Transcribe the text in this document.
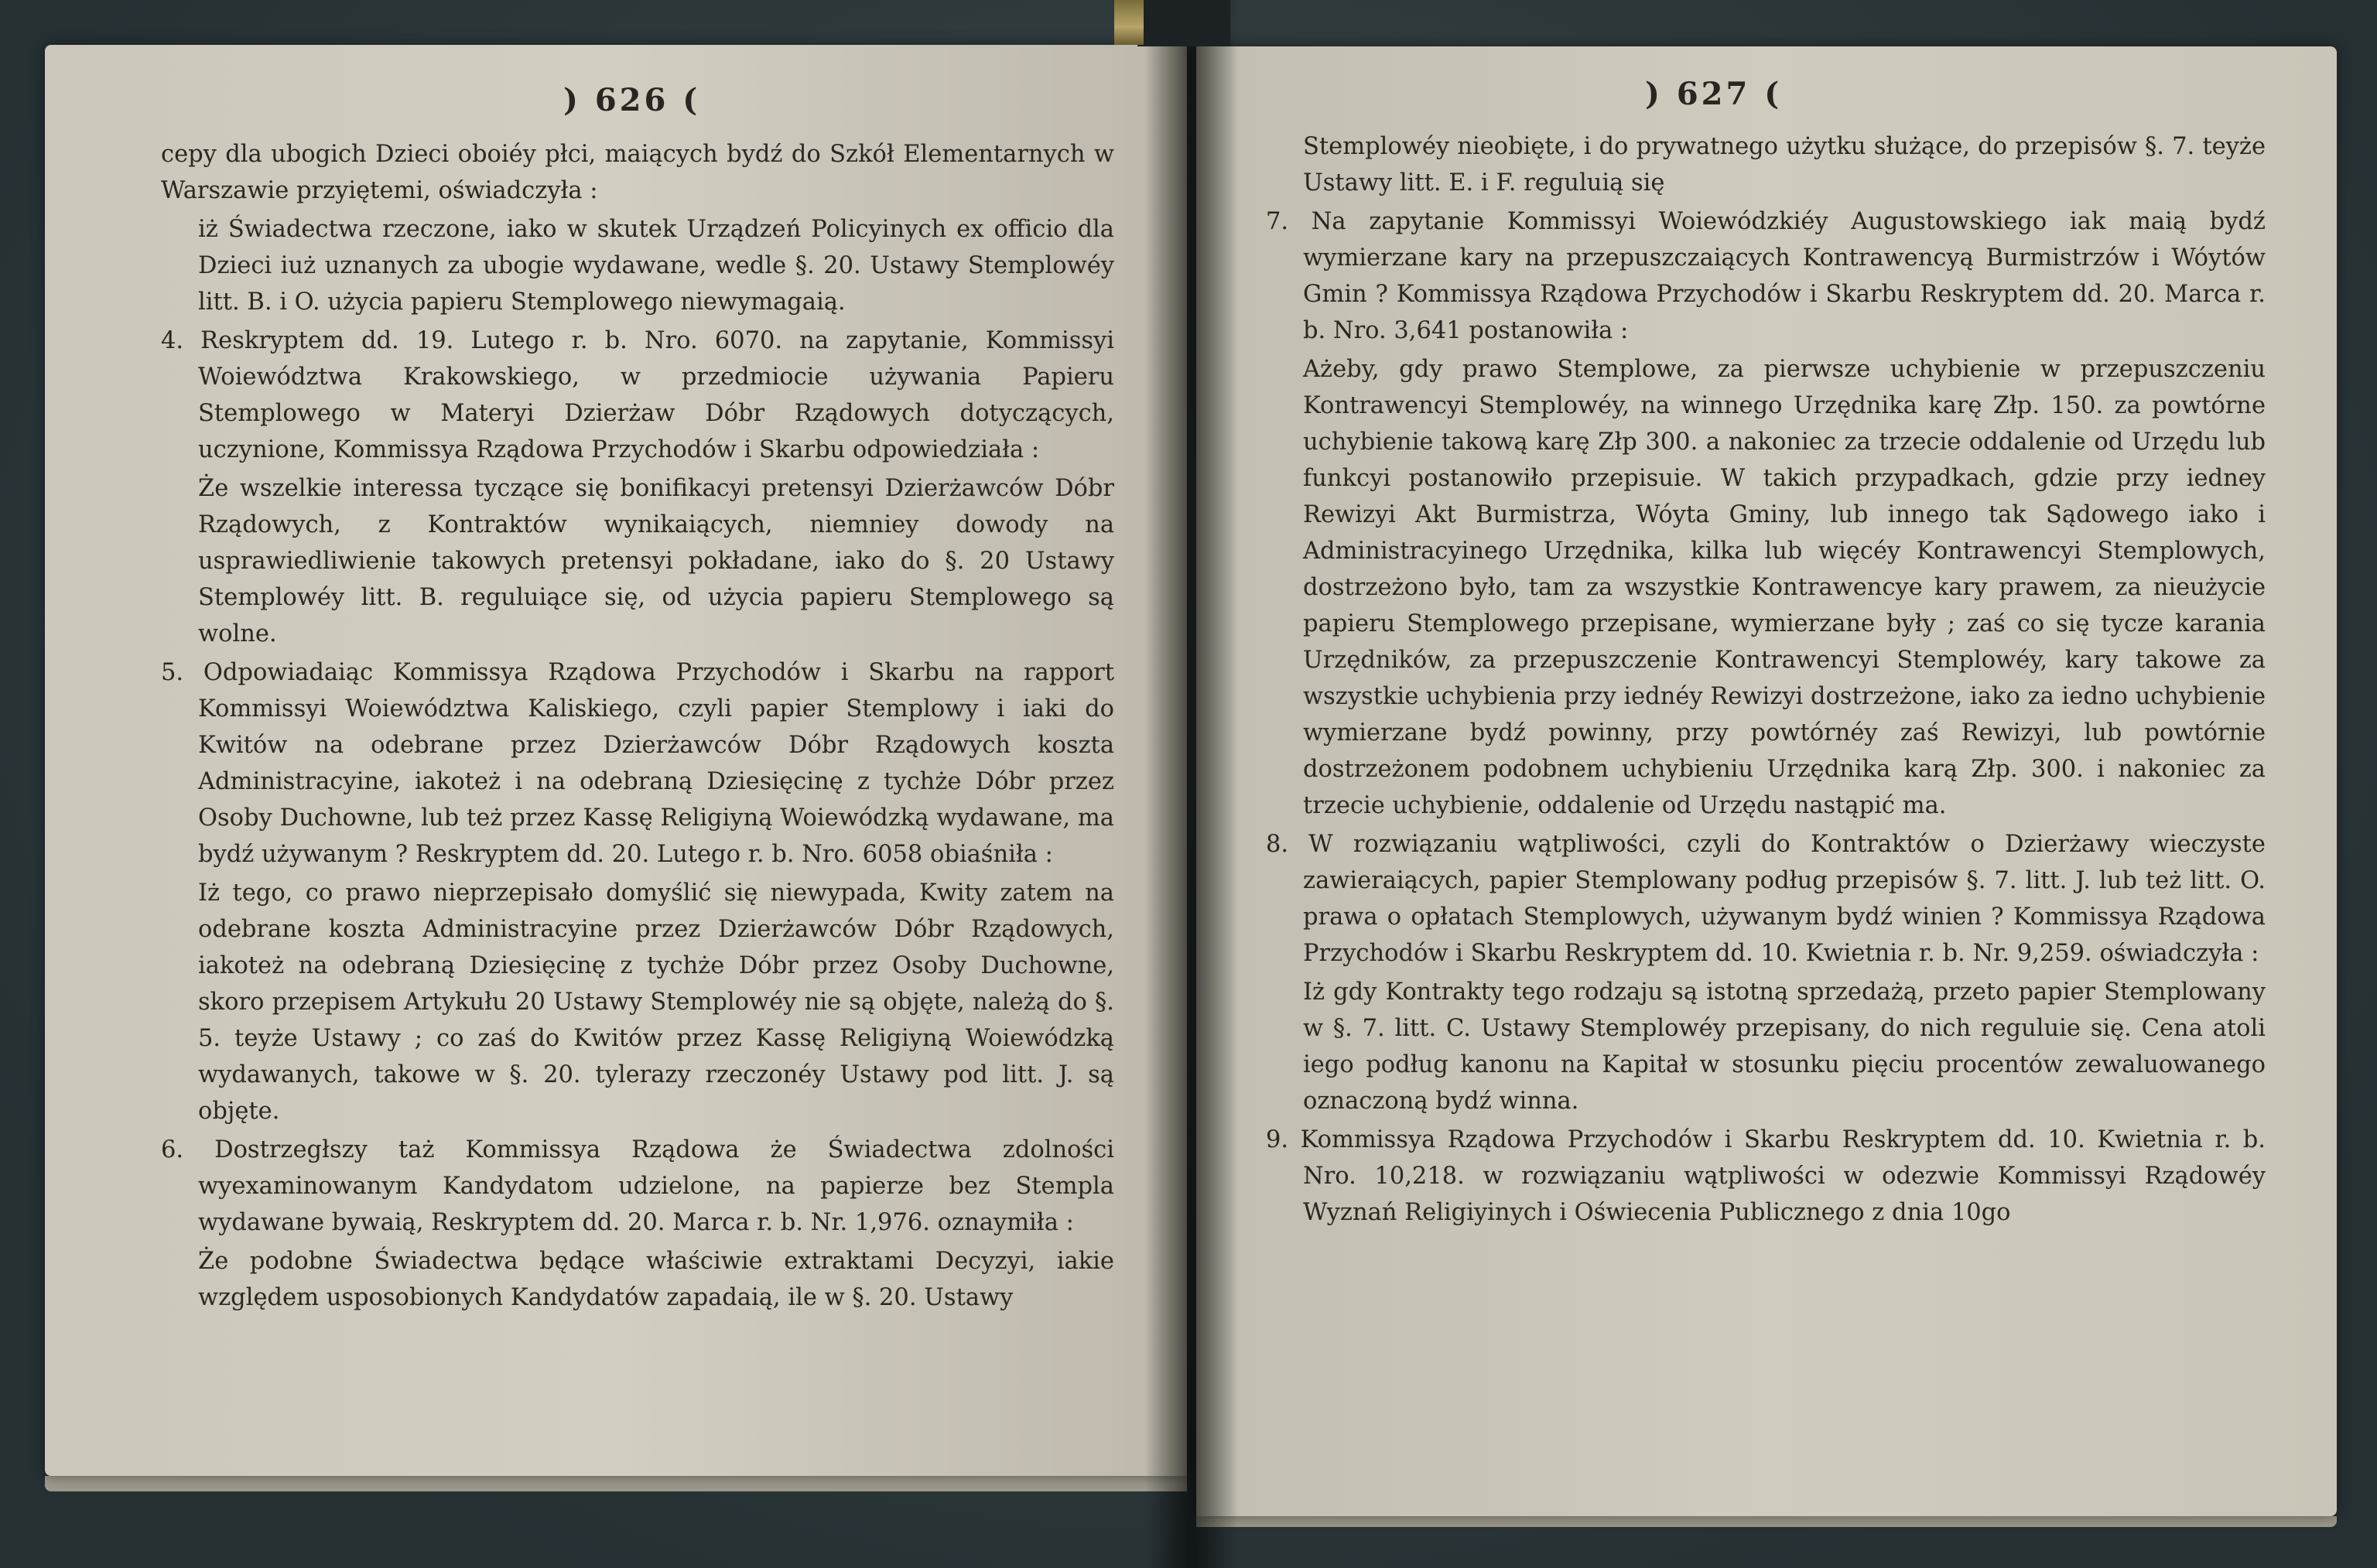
) 626 (

cepy dla ubogich Dzieci oboiéy płci, maiących bydź do Szkół Elementarnych w Warszawie przyiętemi, oświadczyła :

iż Świadectwa rzeczone, iako w skutek Urządzeń Policyinych ex officio dla Dzieci iuż uznanych za ubogie wydawane, wedle §. 20. Ustawy Stemplowéy litt. B. i O. użycia papieru Stemplowego niewymagaią.

4. Reskryptem dd. 19. Lutego r. b. Nro. 6070. na zapytanie, Kommissyi Woiewództwa Krakowskiego, w przedmiocie używania Papieru Stemplowego w Materyi Dzierżaw Dóbr Rządowych dotyczących, uczynione, Kommissya Rządowa Przychodów i Skarbu odpowiedziała :

Że wszelkie interessa tyczące się bonifikacyi pretensyi Dzierżawców Dóbr Rządowych, z Kontraktów wynikaiących, niemniey dowody na usprawiedliwienie takowych pretensyi pokładane, iako do §. 20 Ustawy Stemplowéy litt. B. reguluiące się, od użycia papieru Stemplowego są wolne.

5. Odpowiadaiąc Kommissya Rządowa Przychodów i Skarbu na rapport Kommissyi Woiewództwa Kaliskiego, czyli papier Stemplowy i iaki do Kwitów na odebrane przez Dzierżawców Dóbr Rządowych koszta Administracyine, iakoteż i na odebraną Dziesięcinę z tychże Dóbr przez Osoby Duchowne, lub też przez Kassę Religiyną Woiewódzką wydawane, ma bydź używanym ? Reskryptem dd. 20. Lutego r. b. Nro. 6058 obiaśniła :

Iż tego, co prawo nieprzepisało domyślić się niewypada, Kwity zatem na odebrane koszta Administracyine przez Dzierżawców Dóbr Rządowych, iakoteż na odebraną Dziesięcinę z tychże Dóbr przez Osoby Duchowne, skoro przepisem Artykułu 20 Ustawy Stemplowéy nie są objęte, należą do §. 5. teyże Ustawy ; co zaś do Kwitów przez Kassę Religiyną Woiewódzką wydawanych, takowe w §. 20. tylerazy rzeczonéy Ustawy pod litt. J. są objęte.

6. Dostrzegłszy taż Kommissya Rządowa że Świadectwa zdolności wyexaminowanym Kandydatom udzielone, na papierze bez Stempla wydawane bywaią, Reskryptem dd. 20. Marca r. b. Nr. 1,976. oznaymiła :

Że podobne Świadectwa będące właściwie extraktami Decyzyi, iakie względem usposobionych Kandydatów zapadaią, ile w §. 20. Ustawy

) 627 (

Stemplowéy nieobięte, i do prywatnego użytku służące, do przepisów §. 7. teyże Ustawy litt. E. i F. reguluią się

7. Na zapytanie Kommissyi Woiewódzkiéy Augustowskiego iak maią bydź wymierzane kary na przepuszczaiących Kontrawencyą Burmistrzów i Wóytów Gmin ? Kommissya Rządowa Przychodów i Skarbu Reskryptem dd. 20. Marca r. b. Nro. 3,641 postanowiła :

Ażeby, gdy prawo Stemplowe, za pierwsze uchybienie w przepuszczeniu Kontrawencyi Stemplowéy, na winnego Urzędnika karę Złp. 150. za powtórne uchybienie takową karę Złp 300. a nakoniec za trzecie oddalenie od Urzędu lub funkcyi postanowiło przepisuie. W takich przypadkach, gdzie przy iedney Rewizyi Akt Burmistrza, Wóyta Gminy, lub innego tak Sądowego iako i Administracyinego Urzędnika, kilka lub więcéy Kontrawencyi Stemplowych, dostrzeżono było, tam za wszystkie Kontrawencye kary prawem, za nieużycie papieru Stemplowego przepisane, wymierzane były ; zaś co się tycze karania Urzędników, za przepuszczenie Kontrawencyi Stemplowéy, kary takowe za wszystkie uchybienia przy iednéy Rewizyi dostrzeżone, iako za iedno uchybienie wymierzane bydź powinny, przy powtórnéy zaś Rewizyi, lub powtórnie dostrzeżonem podobnem uchybieniu Urzędnika karą Złp. 300. i nakoniec za trzecie uchybienie, oddalenie od Urzędu nastąpić ma.

8. W rozwiązaniu wątpliwości, czyli do Kontraktów o Dzierżawy wieczyste zawieraiących, papier Stemplowany podług przepisów §. 7. litt. J. lub też litt. O. prawa o opłatach Stemplowych, używanym bydź winien ? Kommissya Rządowa Przychodów i Skarbu Reskryptem dd. 10. Kwietnia r. b. Nr. 9,259. oświadczyła :

Iż gdy Kontrakty tego rodzaju są istotną sprzedażą, przeto papier Stemplowany w §. 7. litt. C. Ustawy Stemplowéy przepisany, do nich reguluie się. Cena atoli iego podług kanonu na Kapitał w stosunku pięciu procentów zewaluowanego oznaczoną bydź winna.

9. Kommissya Rządowa Przychodów i Skarbu Reskryptem dd. 10. Kwietnia r. b. Nro. 10,218. w rozwiązaniu wątpliwości w odezwie Kommissyi Rządowéy Wyznań Religiyinych i Oświecenia Publicznego z dnia 10go
